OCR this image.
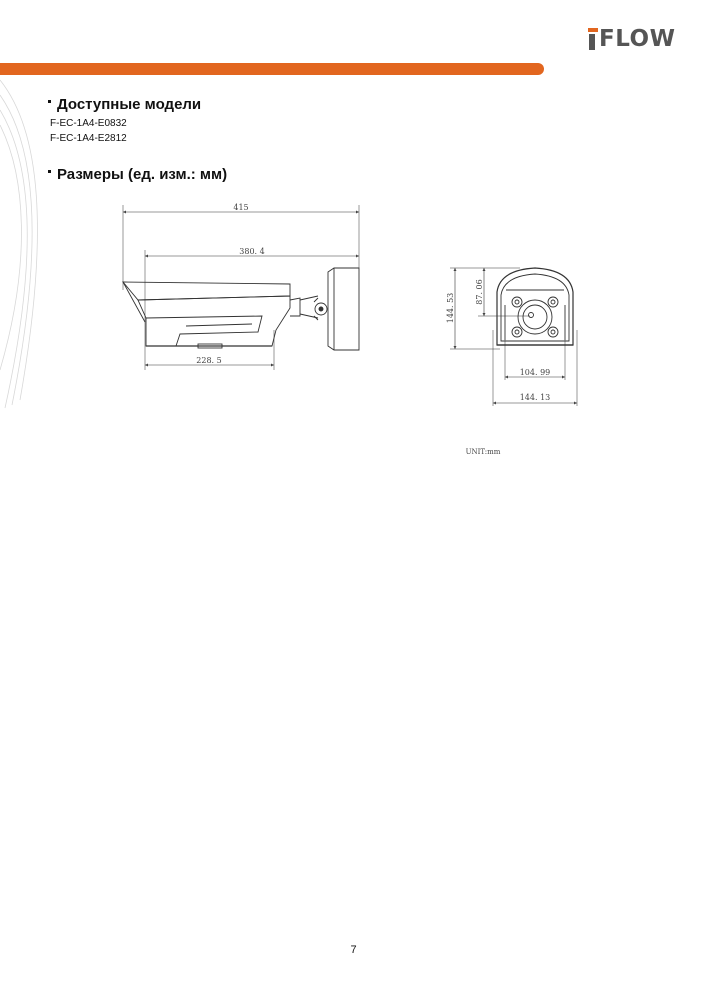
FLOW
Доступные модели
F-EC-1A4-E0832
F-EC-1A4-E2812
Размеры (ед. изм.: мм)
415
380. 4
228. 5
144. 53
87. 06
104. 99
144. 13
UNIT:mm
7
